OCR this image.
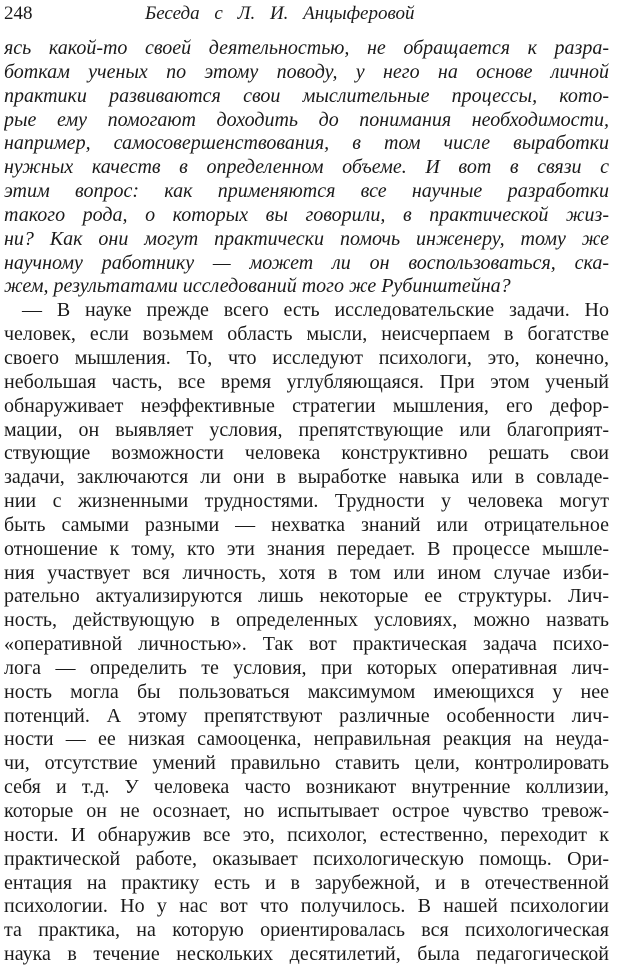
248	Беседа с Л. И. Анцыферовой
ясь какой-то своей деятельностью, не обращается к разра-
боткам ученых по этому поводу, у него на основе личной
практики развиваются свои мыслительные процессы, кото-
рые ему помогают доходить до понимания необходимости,
например, самосовершенствования, в том числе выработки
нужных качеств в определенном объеме. И вот в связи с
этим вопрос: как применяются все научные разработки
такого рода, о которых вы говорили, в практической жиз-
ни? Как они могут практически помочь инженеру, тому же
научному работнику — может ли он воспользоваться, ска-
жем, результатами исследований того же Рубинштейна?
— В науке прежде всего есть исследовательские задачи. Но
человек, если возьмем область мысли, неисчерпаем в богатстве
своего мышления. То, что исследуют психологи, это, конечно,
небольшая часть, все время углубляющаяся. При этом ученый
обнаруживает неэффективные стратегии мышления, его дефор-
мации, он выявляет условия, препятствующие или благоприят-
ствующие возможности человека конструктивно решать свои
задачи, заключаются ли они в выработке навыка или в совладе-
нии с жизненными трудностями. Трудности у человека могут
быть самыми разными — нехватка знаний или отрицательное
отношение к тому, кто эти знания передает. В процессе мышле-
ния участвует вся личность, хотя в том или ином случае изби-
рательно актуализируются лишь некоторые ее структуры. Лич-
ность, действующую в определенных условиях, можно назвать
«оперативной личностью». Так вот практическая задача психо-
лога — определить те условия, при которых оперативная лич-
ность могла бы пользоваться максимумом имеющихся у нее
потенций. А этому препятствуют различные особенности лич-
ности — ее низкая самооценка, неправильная реакция на неуда-
чи, отсутствие умений правильно ставить цели, контролировать
себя и т.д. У человека часто возникают внутренние коллизии,
которые он не осознает, но испытывает острое чувство тревож-
ности. И обнаружив все это, психолог, естественно, переходит к
практической работе, оказывает психологическую помощь. Ори-
ентация на практику есть и в зарубежной, и в отечественной
психологии. Но у нас вот что получилось. В нашей психологии
та практика, на которую ориентировалась вся психологическая
наука в течение нескольких десятилетий, была педагогической
